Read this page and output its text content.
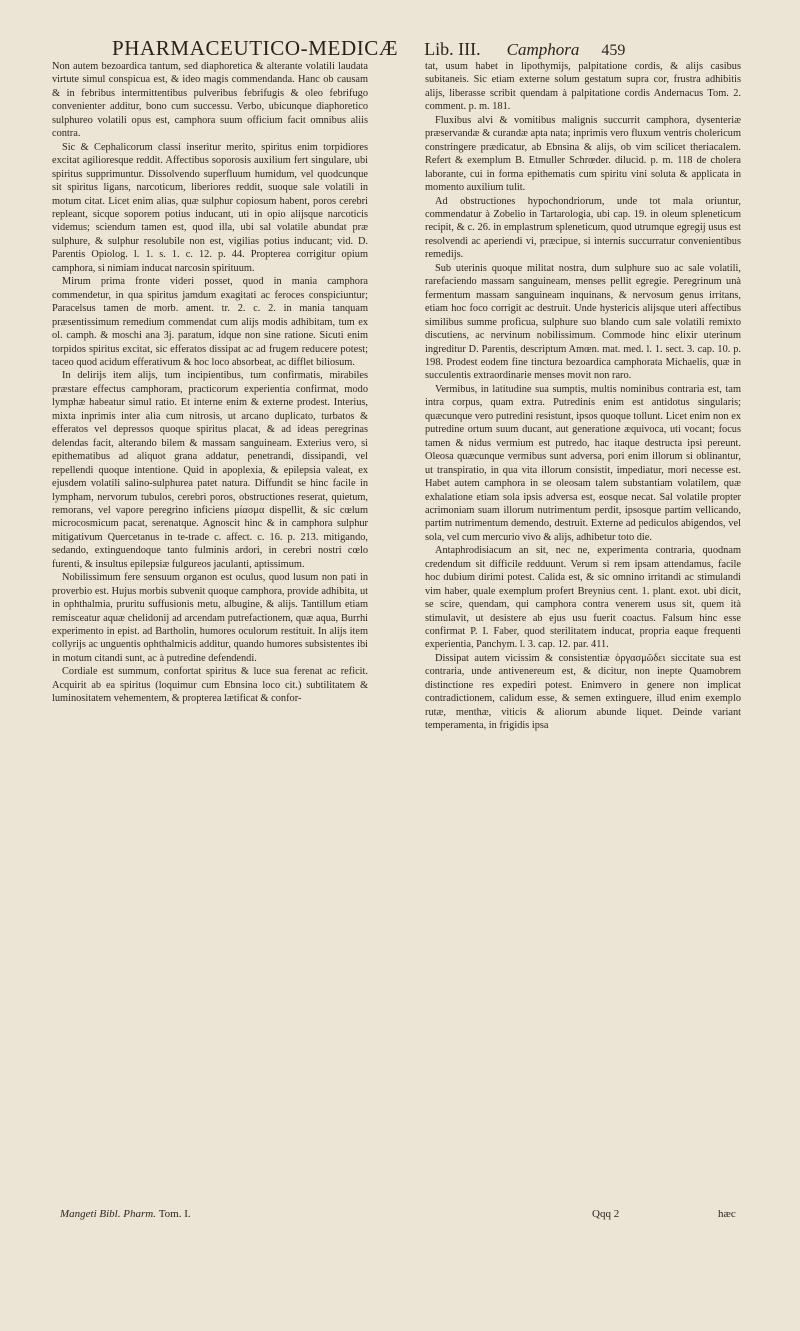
PHARMACEUTICO-MEDICÆ Lib. III. Camphora 459

Non autem bezoardica tantum, sed diaphoretica & alterante volatili laudata virtute simul conspicua est, & ideo magis commendanda. Hanc ob causam & in febribus intermittentibus pulveribus febrifugis & oleo febrifugo convenienter additur, bono cum successu. Verbo, ubicunque diaphoretico sulphureo volatili opus est, camphora suum officium facit omnibus aliis contra.

Sic & Cephalicorum classi inseritur merito, spiritus enim torpidiores excitat agilioresque reddit. Affectibus soporosis auxilium fert singulare, ubi spiritus supprimuntur. Dissolvendo superfluum humidum, vel quodcunque sit spiritus ligans, narcoticum, liberiores reddit, suoque sale volatili in motum citat. Licet enim alias, quæ sulphur copiosum habent, poros cerebri repleant, sicque soporem potius inducant, uti in opio alijsque narcoticis videmus; sciendum tamen est, quod illa, ubi sal volatile abundat præ sulphure, & sulphur resolubile non est, vigilias potius inducant; vid. D. Parentis Opiolog. l. 1. s. 1. c. 12. p. 44. Propterea corrigitur opium camphora, si nimiam inducat narcosin spirituum.

Mirum prima fronte videri posset, quod in mania camphora commendetur, in qua spiritus jamdum exagitati ac feroces conspiciuntur; Paracelsus tamen de morb. ament. tr. 2. c. 2. in mania tanquam præsentissimum remedium commendat cum alijs modis adhibitam, tum ex ol. camph. & moschi ana 3j. paratum, idque non sine ratione. Sicuti enim torpidos spiritus excitat, sic efferatos dissipat ac ad frugem reducere potest; taceo quod acidum efferativum & hoc loco absorbeat, ac difflet biliosum.

In delirijs item alijs, tum incipientibus, tum confirmatis, mirabiles præstare effectus camphoram, practicorum experientia confirmat, modo lymphæ habeatur simul ratio. Et interne enim & externe prodest. Interius, mixta inprimis inter alia cum nitrosis, ut arcano duplicato, turbatos & efferatos vel depressos quoque spiritus placat, & ad ideas peregrinas delendas facit, alterando bilem & massam sanguineam. Exterius vero, si epithematibus ad aliquot grana addatur, penetrandi, dissipandi, vel repellendi quoque intentione. Quid in apoplexia, & epilepsia valeat, ex ejusdem volatili salino-sulphurea patet natura. Diffundit se hinc facile in lympham, nervorum tubulos, cerebri poros, obstructiones reserat, quietum, remorans, vel vapore peregrino inficiens μίασμα dispellit, & sic cœlum microcosmicum pacat, serenatque. Agnoscit hinc & in camphora sulphur mitigativum Quercetanus in te-trade c. affect. c. 16. p. 213. mitigando, sedando, extinguendoque tanto fulminis ardori, in cerebri nostri cœlo furenti, & insultus epilepsiæ fulgureos jaculanti, aptissimum.

Nobilissimum fere sensuum organon est oculus, quod lusum non pati in proverbio est. Hujus morbis subvenit quoque camphora, provide adhibita, ut in ophthalmia, pruritu suffusionis metu, albugine, & alijs. Tantillum etiam remisceatur aquæ chelidonij ad arcendam putrefactionem, quæ aqua, Burrhi experimento in epist. ad Bartholin, humores oculorum restituit. In alijs item collyrijs ac unguentis ophthalmicis additur, quando humores subsistentes ibi in motum citandi sunt, ac à putredine defendendi.

Cordiale est summum, confortat spiritus & luce sua ferenat ac reficit. Acquirit ab ea spiritus (loquimur cum Ebnsina loco cit.) subtilitatem & luminositatem vehementem, & propterea lætificat & confor-

tat, usum habet in lipothymijs, palpitatione cordis, & alijs casibus subitaneis. Sic etiam externe solum gestatum supra cor, frustra adhibitis alijs, liberasse scribit quendam à palpitatione cordis Andernacus Tom. 2. comment. p. m. 181.

Fluxibus alvi & vomitibus malignis succurrit camphora, dysenteriæ præservandæ & curandæ apta nata; inprimis vero fluxum ventris cholericum constringere prædicatur, ab Ebnsina & alijs, ob vim scilicet theriacalem. Refert & exemplum B. Etmuller Schrœder. dilucid. p. m. 118 de cholera laborante, cui in forma epithematis cum spiritu vini soluta & applicata in momento auxilium tulit.

Ad obstructiones hypochondriorum, unde tot mala oriuntur, commendatur à Zobelio in Tartarologia, ubi cap. 19. in oleum spleneticum recipit, & c. 26. in emplastrum spleneticum, quod utrumque egregij usus est resolvendi ac aperiendi vi, præcipue, si internis succurratur convenientibus remedijs.

Sub uterinis quoque militat nostra, dum sulphure suo ac sale volatili, rarefaciendo massam sanguineam, menses pellit egregie. Peregrinum unà fermentum massam sanguineam inquinans, & nervosum genus irritans, etiam hoc foco corrigit ac destruit. Unde hystericis alijsque uteri affectibus similibus summe proficua, sulphure suo blando cum sale volatili remixto discutiens, ac nervinum nobilissimum. Commode hinc elixir uterinum ingreditur D. Parentis, descriptum Amœn. mat. med. l. 1. sect. 3. cap. 10. p. 198. Prodest eodem fine tinctura bezoardica camphorata Michaelis, quæ in succulentis extraordinarie menses movit non raro.

Vermibus, in latitudine sua sumptis, multis nominibus contraria est, tam intra corpus, quam extra. Putredinis enim est antidotus singularis; quæcunque vero putredini resistunt, ipsos quoque tollunt. Licet enim non ex putredine ortum suum ducant, aut generatione æquivoca, uti vocant; focus tamen & nidus vermium est putredo, hac itaque destructa ipsi pereunt. Oleosa quæcunque vermibus sunt adversa, pori enim illorum si oblinantur, ut transpiratio, in qua vita illorum consistit, impediatur, mori necesse est. Habet autem camphora in se oleosam talem substantiam volatilem, quæ exhalatione etiam sola ipsis adversa est, eosque necat. Sal volatile propter acrimoniam suam illorum nutrimentum perdit, ipsosque partim vellicando, partim nutrimentum demendo, destruit. Externe ad pediculos abigendos, vel sola, vel cum mercurio vivo & alijs, adhibetur toto die.

Antaphrodisiacum an sit, nec ne, experimenta contraria, quodnam credendum sit difficile redduunt. Verum si rem ipsam attendamus, facile hoc dubium dirimi potest. Calida est, & sic omnino irritandi ac stimulandi vim haber, quale exemplum profert Breynius cent. 1. plant. exot. ubi dicit, se scire, quendam, qui camphora contra venerem usus sit, quem ità stimulavit, ut desistere ab ejus usu fuerit coactus. Falsum hinc esse confirmat P. I. Faber, quod sterilitatem inducat, propria eaque frequenti experientia, Panchym. l. 3. cap. 12. par. 411.

Dissipat autem vicissim & consistentiæ ὀργασμῶδει siccitate sua est contraria, unde antivenereum est, & dicitur, non inepte Quamobrem distinctione res expediri potest. Enimvero in genere non implicat contradictionem, calidum esse, & semen extinguere, illud enim exemplo rutæ, menthæ, viticis & aliorum abunde liquet. Deinde variant temperamenta, in frigidis ipsa

Mangeti Bibl. Pharm. Tom. I.	Qqq 2	hæc
